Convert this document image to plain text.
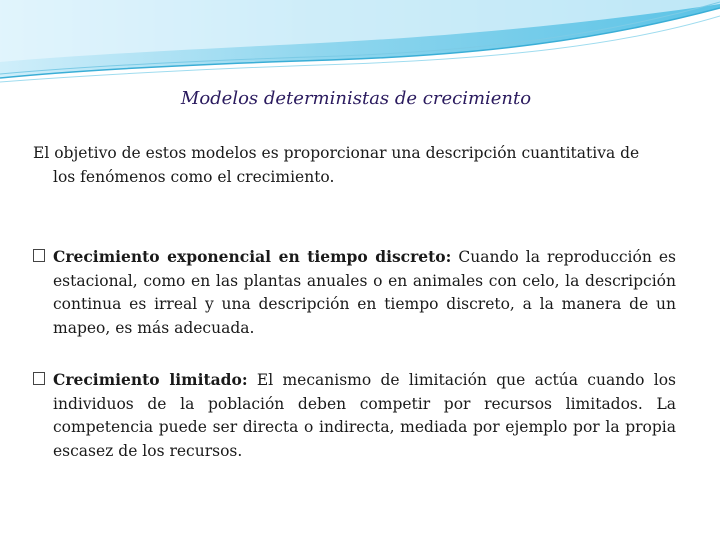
Modelos deterministas de crecimiento
El objetivo de estos modelos es proporcionar una descripción cuantitativa de
los fenómenos como el crecimiento.
Crecimiento exponencial en tiempo discreto: Cuando la reproducción es estacional, como en las plantas anuales o en animales con celo, la descripción continua es irreal y una descripción en tiempo discreto, a la manera de un mapeo, es más adecuada.
Crecimiento limitado: El mecanismo de limitación que actúa cuando los individuos de la población deben competir por recursos limitados. La competencia puede ser directa o indirecta, mediada por ejemplo por la propia escasez de los recursos.
